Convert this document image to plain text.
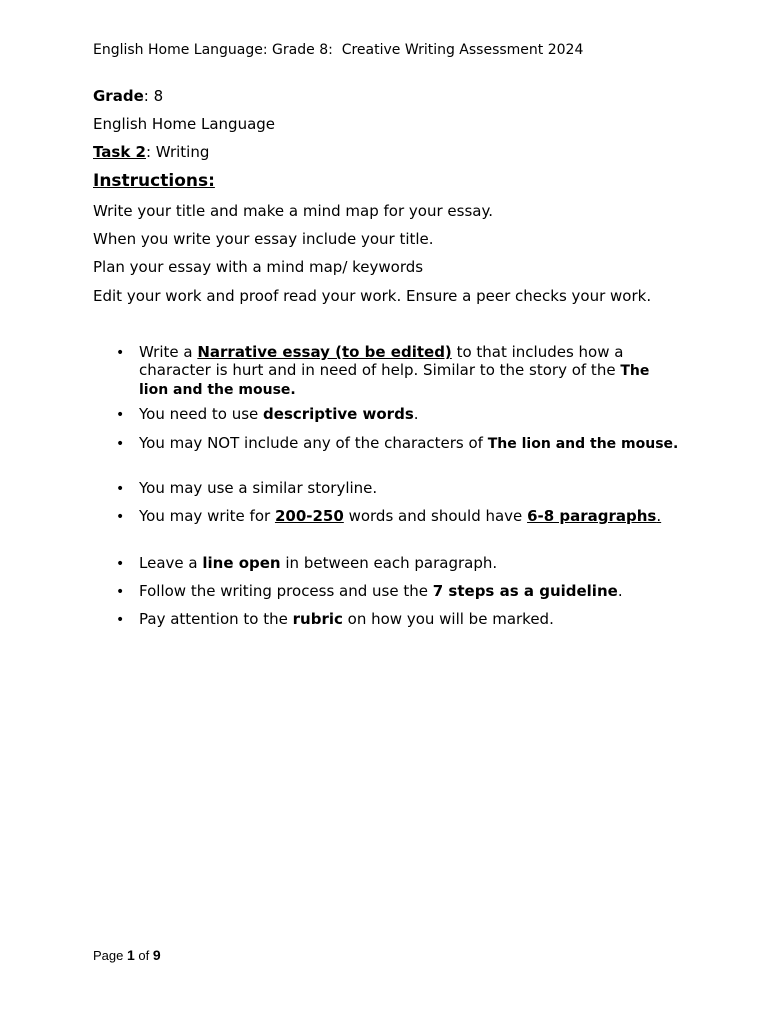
English Home Language: Grade 8:  Creative Writing Assessment 2024
Grade: 8
English Home Language
Task 2: Writing
Instructions:
Write your title and make a mind map for your essay.
When you write your essay include your title.
Plan your essay with a mind map/ keywords
Edit your work and proof read your work. Ensure a peer checks your work.
• Write a Narrative essay (to be edited) to that includes how a character is hurt and in need of help. Similar to the story of the The lion and the mouse.
• You need to use descriptive words.
• You may NOT include any of the characters of The lion and the mouse.
• You may use a similar storyline.
• You may write for 200-250 words and should have 6-8 paragraphs.
• Leave a line open in between each paragraph.
• Follow the writing process and use the 7 steps as a guideline.
• Pay attention to the rubric on how you will be marked.
Page 1 of 9
